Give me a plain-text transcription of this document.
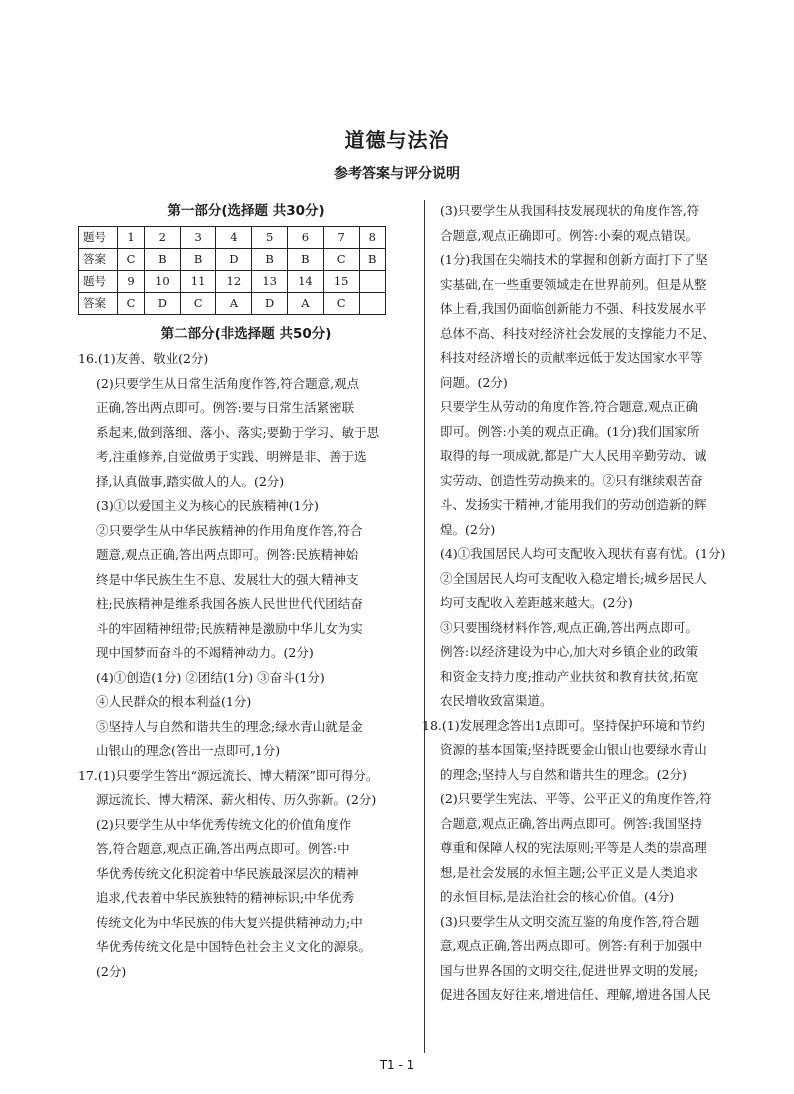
道德与法治
参考答案与评分说明
第一部分(选择题 共30分)
题号	1	2	3	4	5	6	7	8
答案	C	B	B	D	B	B	C	B
题号	9	10	11	12	13	14	15	
答案	C	D	C	A	D	A	C	
第二部分(非选择题 共50分)
16.(1)友善、敬业(2分)
(2)只要学生从日常生活角度作答,符合题意,观点
正确,答出两点即可。例答:要与日常生活紧密联
系起来,做到落细、落小、落实;要勤于学习、敏于思
考,注重修养,自觉做勇于实践、明辨是非、善于选
择,认真做事,踏实做人的人。(2分)
(3)①以爱国主义为核心的民族精神(1分)
②只要学生从中华民族精神的作用角度作答,符合
题意,观点正确,答出两点即可。例答:民族精神始
终是中华民族生生不息、发展壮大的强大精神支
柱;民族精神是维系我国各族人民世世代代团结奋
斗的牢固精神纽带;民族精神是激励中华儿女为实
现中国梦而奋斗的不竭精神动力。(2分)
(4)①创造(1分) ②团结(1分) ③奋斗(1分)
④人民群众的根本利益(1分)
⑤坚持人与自然和谐共生的理念;绿水青山就是金
山银山的理念(答出一点即可,1分)
17.(1)只要学生答出“源远流长、博大精深”即可得分。
源远流长、博大精深、薪火相传、历久弥新。(2分)
(2)只要学生从中华优秀传统文化的价值角度作
答,符合题意,观点正确,答出两点即可。例答:中
华优秀传统文化积淀着中华民族最深层次的精神
追求,代表着中华民族独特的精神标识;中华优秀
传统文化为中华民族的伟大复兴提供精神动力;中
华优秀传统文化是中国特色社会主义文化的源泉。
(2分)
(3)只要学生从我国科技发展现状的角度作答,符
合题意,观点正确即可。例答:小秦的观点错误。
(1分)我国在尖端技术的掌握和创新方面打下了坚
实基础,在一些重要领域走在世界前列。但是从整
体上看,我国仍面临创新能力不强、科技发展水平
总体不高、科技对经济社会发展的支撑能力不足、
科技对经济增长的贡献率远低于发达国家水平等
问题。(2分)
只要学生从劳动的角度作答,符合题意,观点正确
即可。例答:小美的观点正确。(1分)我们国家所
取得的每一项成就,都是广大人民用辛勤劳动、诚
实劳动、创造性劳动换来的。②只有继续艰苦奋
斗、发扬实干精神,才能用我们的劳动创造新的辉
煌。(2分)
(4)①我国居民人均可支配收入现状有喜有忧。(1分)
②全国居民人均可支配收入稳定增长;城乡居民人
均可支配收入差距越来越大。(2分)
③只要围绕材料作答,观点正确,答出两点即可。
例答:以经济建设为中心,加大对乡镇企业的政策
和资金支持力度;推动产业扶贫和教育扶贫,拓宽
农民增收致富渠道。
18.(1)发展理念答出1点即可。坚持保护环境和节约
资源的基本国策;坚持既要金山银山也要绿水青山
的理念;坚持人与自然和谐共生的理念。(2分)
(2)只要学生宪法、平等、公平正义的角度作答,符
合题意,观点正确,答出两点即可。例答:我国坚持
尊重和保障人权的宪法原则;平等是人类的崇高理
想,是社会发展的永恒主题;公平正义是人类追求
的永恒目标,是法治社会的核心价值。(4分)
(3)只要学生从文明交流互鉴的角度作答,符合题
意,观点正确,答出两点即可。例答:有利于加强中
国与世界各国的文明交往,促进世界文明的发展;
促进各国友好往来,增进信任、理解,增进各国人民
T1 - 1
